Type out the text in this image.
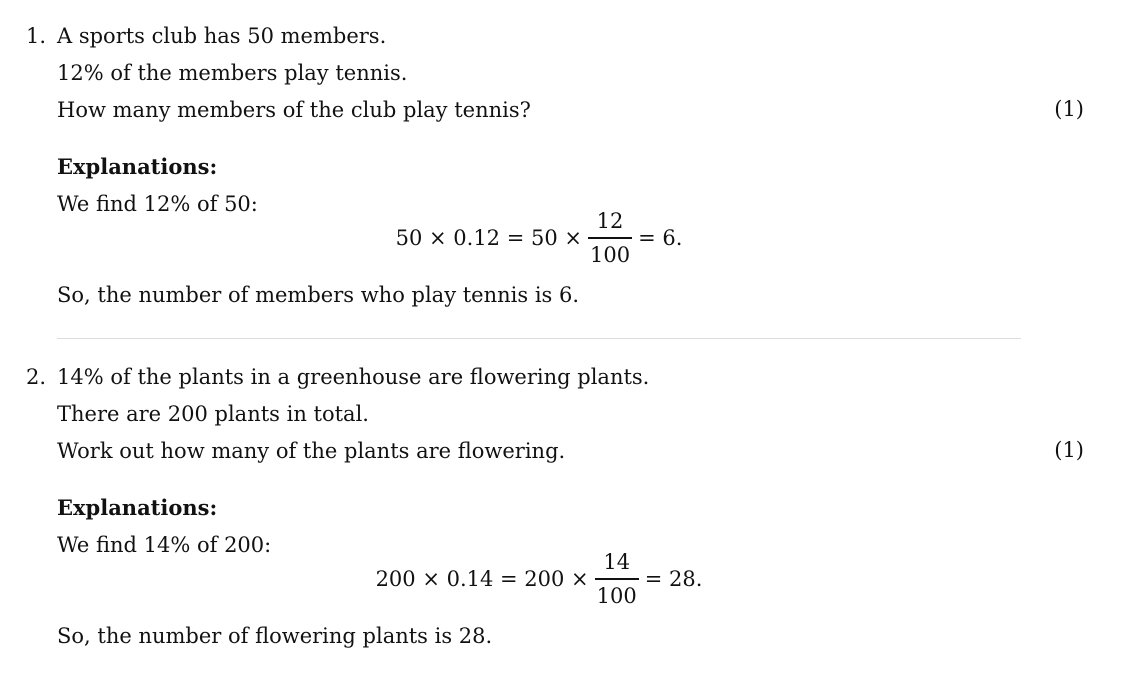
1. A sports club has 50 members.
12% of the members play tennis.
How many members of the club play tennis?	(1)
Explanations:
We find 12% of 50:
$50 \times 0.12 = 50 \times \frac{12}{100} = 6$.
So, the number of members who play tennis is 6.
2. 14% of the plants in a greenhouse are flowering plants.
There are 200 plants in total.
Work out how many of the plants are flowering.	(1)
Explanations:
We find 14% of 200:
$200 \times 0.14 = 200 \times \frac{14}{100} = 28$.
So, the number of flowering plants is 28.
